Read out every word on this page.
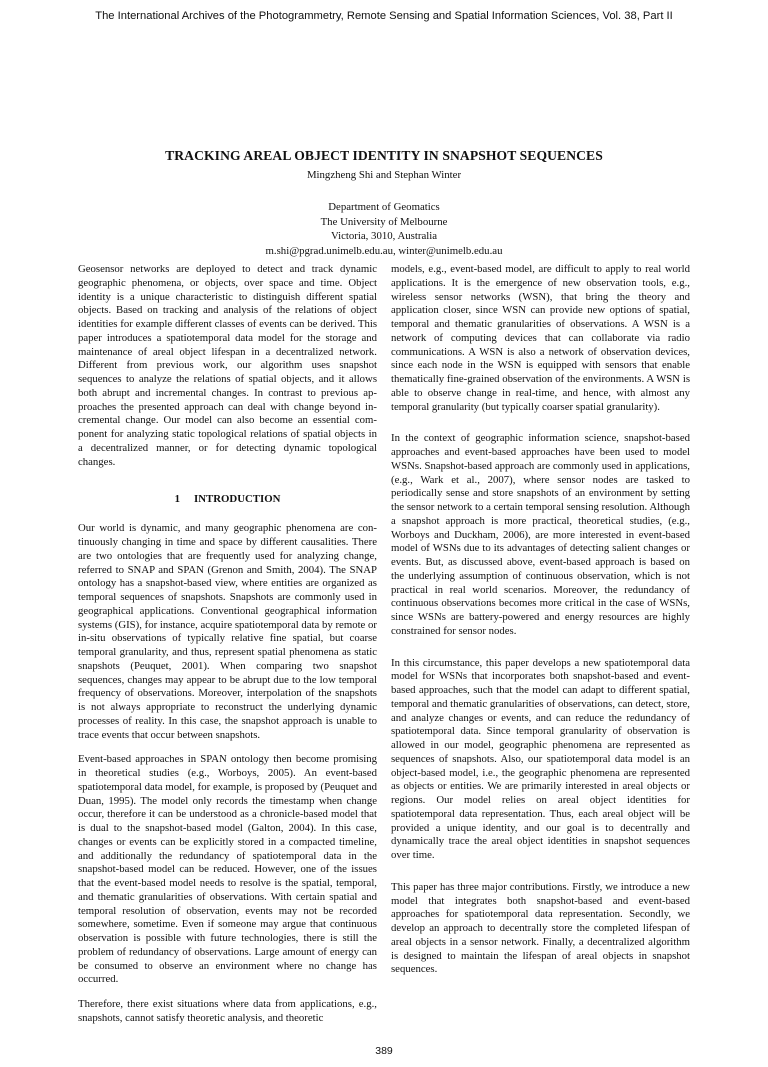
The International Archives of the Photogrammetry, Remote Sensing and Spatial Information Sciences, Vol. 38, Part II
TRACKING AREAL OBJECT IDENTITY IN SNAPSHOT SEQUENCES
Mingzheng Shi and Stephan Winter
Department of Geomatics
The University of Melbourne
Victoria, 3010, Australia
m.shi@pgrad.unimelb.edu.au, winter@unimelb.edu.au

Geosensor networks are deployed to detect and track dynamic geographic phenomena, or objects, over space and time. Object identity is a unique characteristic to distinguish different spatial objects. Based on tracking and analysis of the relations of object identities for example different classes of events can be derived. This paper introduces a spatiotemporal data model for the storage and maintenance of areal object lifespan in a decentralized network. Different from previous work, our algorithm uses snapshot sequences to analyze the relations of spatial objects, and it allows both abrupt and incremental changes. In contrast to previous approaches the presented approach can deal with change beyond incremental change. Our model can also become an essential component for analyzing static topological relations of spatial objects in a decentralized manner, or for detecting dynamic topological changes.

1 INTRODUCTION

Our world is dynamic, and many geographic phenomena are continuously changing in time and space by different causalities. There are two ontologies that are frequently used for analyzing change, referred to SNAP and SPAN (Grenon and Smith, 2004). The SNAP ontology has a snapshot-based view, where entities are organized as temporal sequences of snapshots. Snapshots are commonly used in geographical applications. Conventional geographical information systems (GIS), for instance, acquire spatiotemporal data by remote or in-situ observations of typically relative fine spatial, but coarse temporal granularity, and thus, represent spatial phenomena as static snapshots (Peuquet, 2001). When comparing two snapshot sequences, changes may appear to be abrupt due to the low temporal frequency of observations. Moreover, interpolation of the snapshots is not always appropriate to reconstruct the underlying dynamic processes of reality. In this case, the snapshot approach is unable to trace events that occur between snapshots.

Event-based approaches in SPAN ontology then become promising in theoretical studies (e.g., Worboys, 2005). An event-based spatiotemporal data model, for example, is proposed by (Peuquet and Duan, 1995). The model only records the timestamp when change occur, therefore it can be understood as a chronicle-based model that is dual to the snapshot-based model (Galton, 2004). In this case, changes or events can be explicitly stored in a compacted timeline, and additionally the redundancy of spatiotemporal data in the snapshot-based model can be reduced. However, one of the issues that the event-based model needs to resolve is the spatial, temporal, and thematic granularities of observations. With certain spatial and temporal resolution of observation, events may not be recorded somewhere, sometime. Even if someone may argue that continuous observation is possible with future technologies, there is still the problem of redundancy of observations. Large amount of energy can be consumed to observe an environment where no change has occurred.

Therefore, there exist situations where data from applications, e.g., snapshots, cannot satisfy theoretic analysis, and theoretic

models, e.g., event-based model, are difficult to apply to real world applications. It is the emergence of new observation tools, e.g., wireless sensor networks (WSN), that bring the theory and application closer, since WSN can provide new options of spatial, temporal and thematic granularities of observations. A WSN is a network of computing devices that can collaborate via radio communications. A WSN is also a network of observation devices, since each node in the WSN is equipped with sensors that enable thematically fine-grained observation of the environments. A WSN is able to observe change in real-time, and hence, with almost any temporal granularity (but typically coarser spatial granularity).

In the context of geographic information science, snapshot-based approaches and event-based approaches have been used to model WSNs. Snapshot-based approach are commonly used in applications, (e.g., Wark et al., 2007), where sensor nodes are tasked to periodically sense and store snapshots of an environment by setting the sensor network to a certain temporal sensing resolution. Although a snapshot approach is more practical, theoretical studies, (e.g., Worboys and Duckham, 2006), are more interested in event-based model of WSNs due to its advantages of detecting salient changes or events. But, as discussed above, event-based approach is based on the underlying assumption of continuous observation, which is not practical in real world scenarios. Moreover, the redundancy of continuous observations becomes more critical in the case of WSNs, since WSNs are battery-powered and energy resources are highly constrained for sensor nodes.

In this circumstance, this paper develops a new spatiotemporal data model for WSNs that incorporates both snapshot-based and event-based approaches, such that the model can adapt to different spatial, temporal and thematic granularities of observations, can detect, store, and analyze changes or events, and can reduce the redundancy of spatiotemporal data. Since temporal granularity of observation is allowed in our model, geographic phenomena are represented as sequences of snapshots. Also, our spatiotemporal data model is an object-based model, i.e., the geographic phenomena are represented as objects or entities. We are primarily interested in areal objects or regions. Our model relies on areal object identities for spatiotemporal data representation. Thus, each areal object will be provided a unique identity, and our goal is to decentrally and dynamically trace the areal object identities in snapshot sequences over time.

This paper has three major contributions. Firstly, we introduce a new model that integrates both snapshot-based and event-based approaches for spatiotemporal data representation. Secondly, we develop an approach to decentrally store the completed lifespan of areal objects in a sensor network. Finally, a decentralized algorithm is designed to maintain the lifespan of areal objects in snapshot sequences.

389
